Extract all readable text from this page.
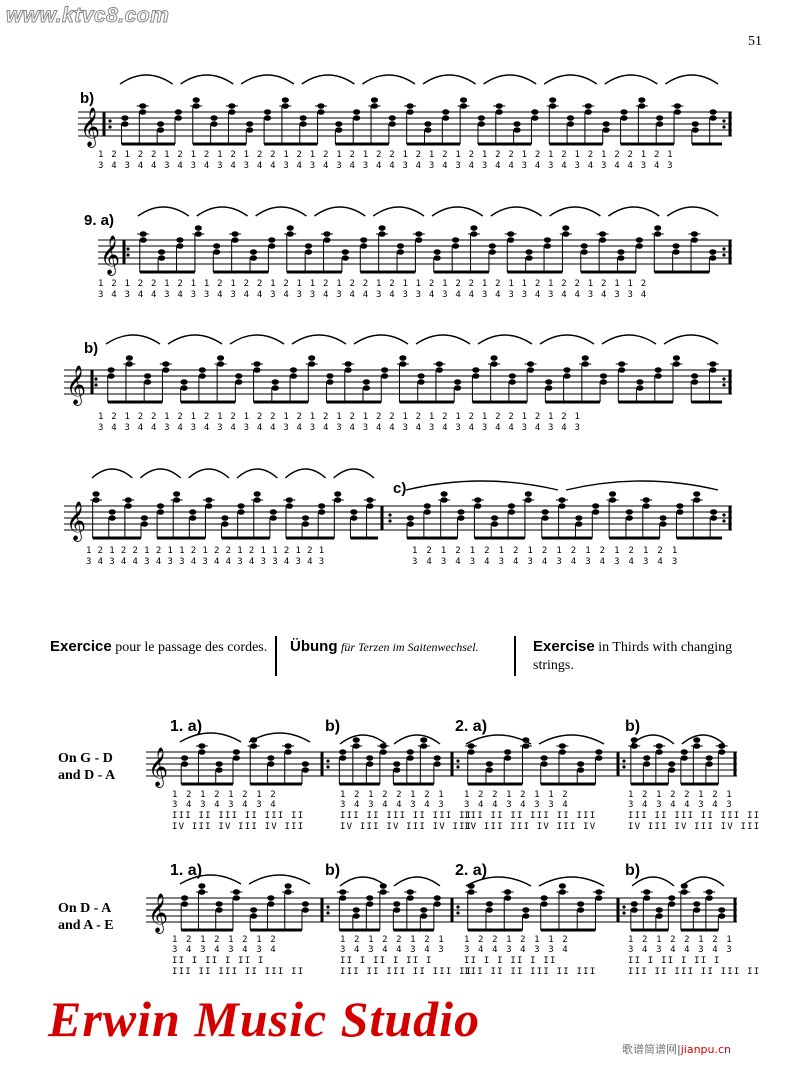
www.ktvc8.com
51
𝄞
𝄞
𝄞
𝄞
𝄞
𝄞
b)
9. a)
b)
c)
1 2 1 2 2 1 2 1 2 1 2 1 2 2 1 2 1 2 1 2 1 2 2 1 2 1 2 1 2 1 2 2 1 2 1 2 1 2 1 2 2 1 2 1
3 4 3 4 4 3 4 3 4 3 4 3 4 4 3 4 3 4 3 4 3 4 4 3 4 3 4 3 4 3 4 4 3 4 3 4 3 4 3 4 4 3 4 3
1 2 1 2 2 1 2 1 1 2 1 2 2 1 2 1 1 2 1 2 2 1 2 1 1 2 1 2 2 1 2 1 1 2 1 2 2 1 2 1 1 2
3 4 3 4 4 3 4 3 3 4 3 4 4 3 4 3 3 4 3 4 4 3 4 3 3 4 3 4 4 3 4 3 3 4 3 4 4 3 4 3 3 4
1 2 1 2 2 1 2 1 2 1 2 1 2 2 1 2 1 2 1 2 1 2 2 1 2 1 2 1 2 1 2 2 1 2 1 2 1
3 4 3 4 4 3 4 3 4 3 4 3 4 4 3 4 3 4 3 4 3 4 4 3 4 3 4 3 4 3 4 4 3 4 3 4 3
1 2 1 2 2 1 2 1 1 2 1 2 2 1 2 1 1 2 1 2 1
3 4 3 4 4 3 4 3 3 4 3 4 4 3 4 3 3 4 3 4 3
1 2 1 2 1 2 1 2 1 2 1 2 1 2 1 2 1 2 1
3 4 3 4 3 4 3 4 3 4 3 4 3 4 3 4 3 4 3
Exercice pour le passage des cordes.	Übung für Terzen im Saitenwechsel.	Exercise in Thirds with changing strings.
On G - D
and D - A
On D - A
and A - E
1. a)	b)	2. a)	b)
1. a)	b)	2. a)	b)
1 2 1 2 1 2 1 2
3 4 3 4 3 4 3 4
III II III II III II
IV III IV III IV III
1 2 1 2 2 1 2 1
3 4 3 4 4 3 4 3
III II III II III II
IV III IV III IV III
1 2 2 1 2 1 1 2
3 4 4 3 4 3 3 4
III II II III II III
IV III III IV III IV
1 2 1 2 2 1 2 1
3 4 3 4 4 3 4 3
III II III II III II
IV III IV III IV III
1 2 1 2 1 2 1 2
3 4 3 4 3 4 3 4
II I II I II I
III II III II III II
1 2 1 2 2 1 2 1
3 4 3 4 4 3 4 3
II I II I II I
III II III II III II
1 2 2 1 2 1 1 2
3 4 4 3 4 3 3 4
II I I II I II
III II II III II III
1 2 1 2 2 1 2 1
3 4 3 4 4 3 4 3
II I II I II I
III II III II III II
Erwin Music Studio
歌谱简谱网|jianpu.cn
